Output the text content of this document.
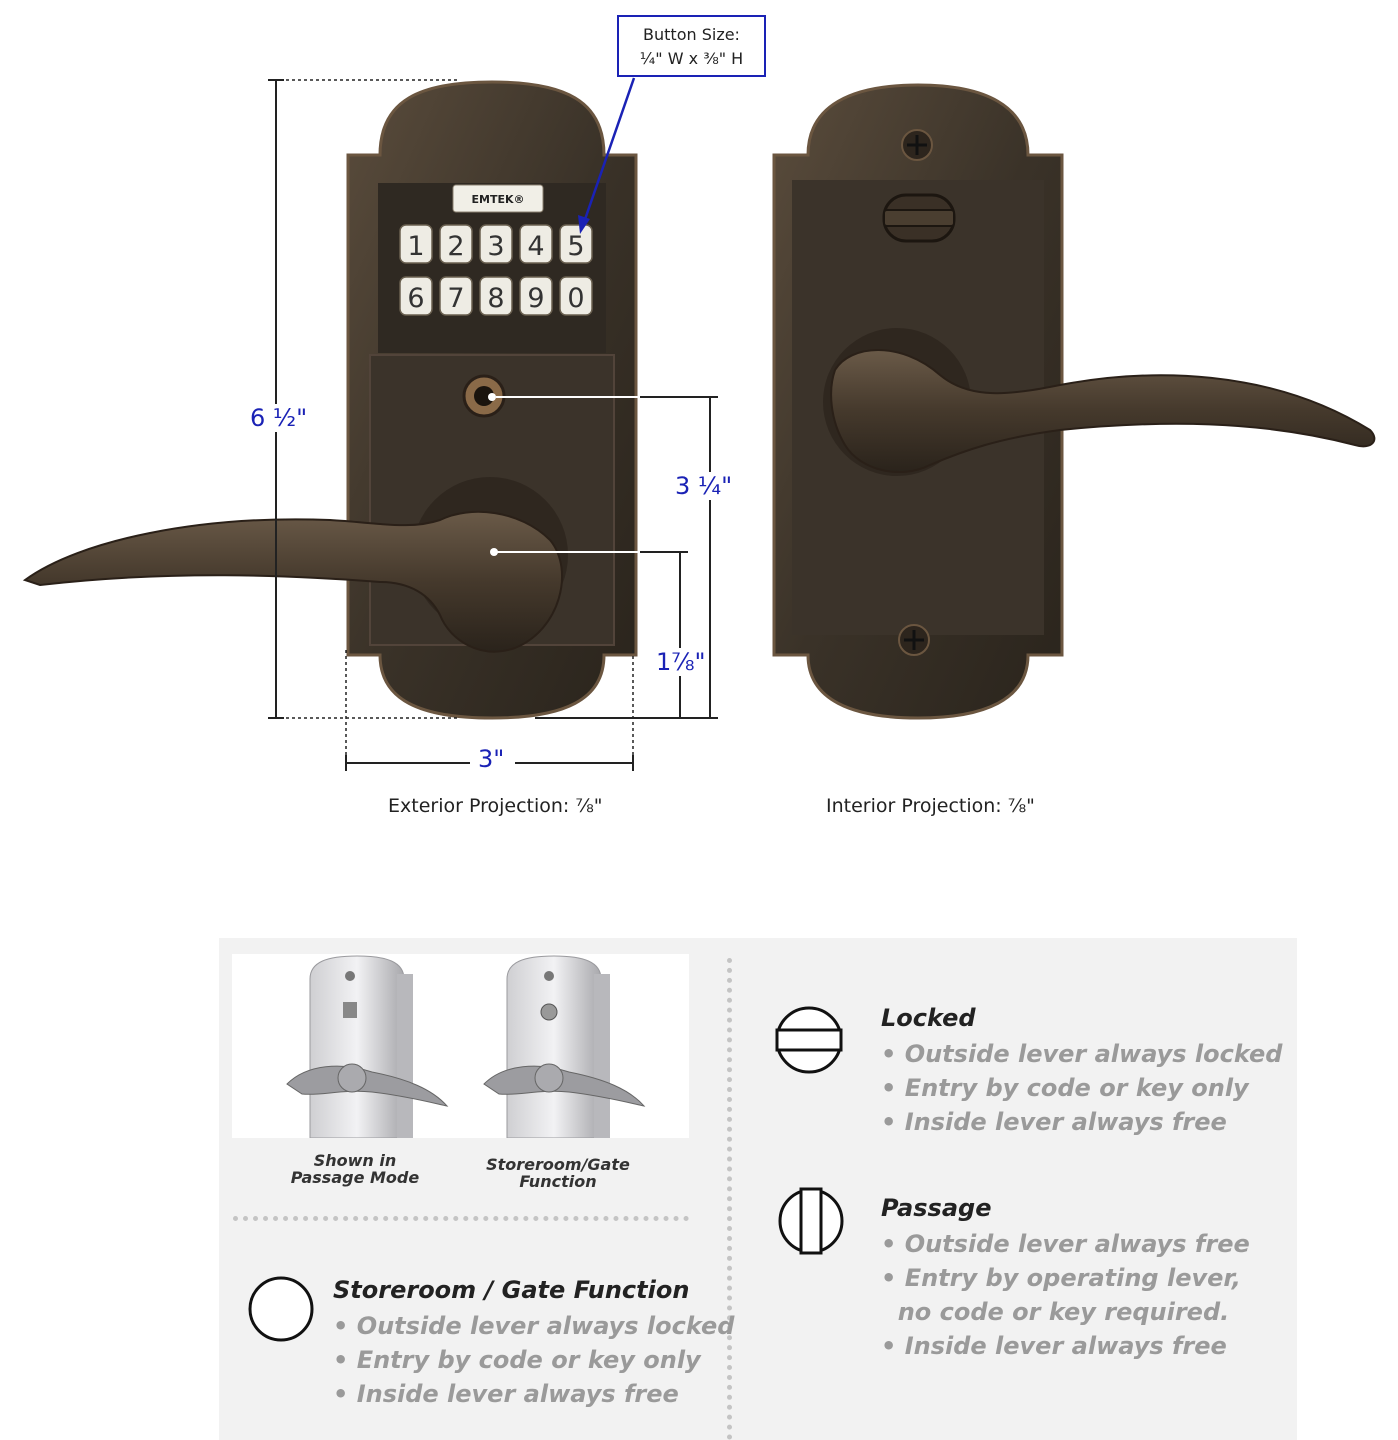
EMTEK®
1 2 3 4 5
6 7 8 9 0
6 ½"
3 ¼"
1⅞"
3"
Button Size:
¼" W x ⅜" H
Exterior Projection: ⅞"	Interior Projection: ⅞"
Shown in
Passage Mode
Storeroom/Gate
Function
Storeroom / Gate Function
• Outside lever always locked
• Entry by code or key only
• Inside lever always free
Locked
• Outside lever always locked
• Entry by code or key only
• Inside lever always free
Passage
• Outside lever always free
• Entry by operating lever,
no code or key required.
• Inside lever always free
